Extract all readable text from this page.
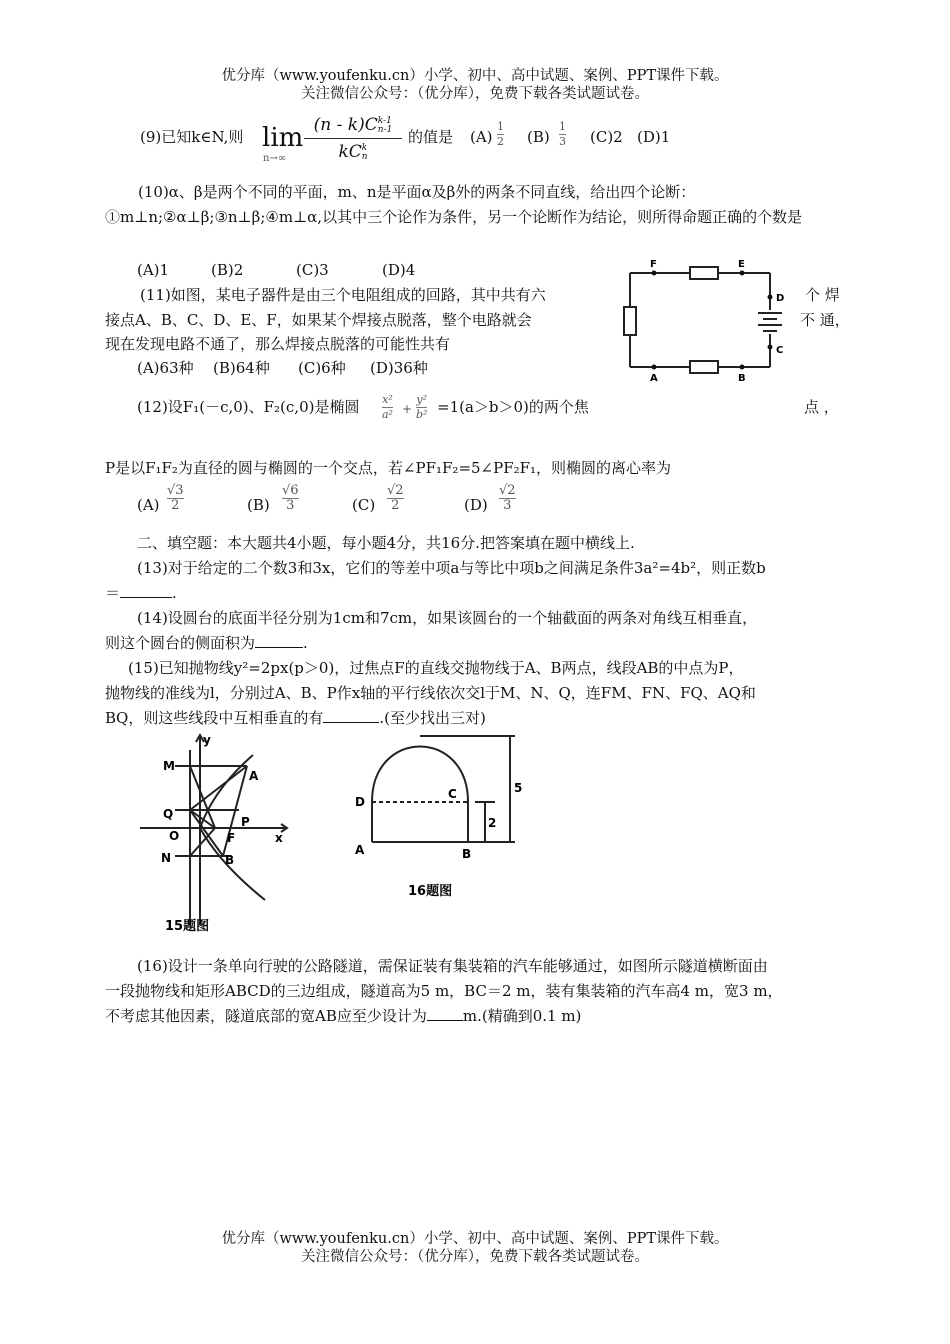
优分库（www.youfenku.cn）小学、初中、高中试题、案例、PPT课件下载。
关注微信公众号：（优分库），免费下载各类试题试卷。
(9)已知k∈N,则 lim
n→∞
(n - k)C k-1
n-1
kC k
n
的值是 (A)
1
2 (B)
1
3 (C)2 (D)1
(10)α、β是两个不同的平面，m、n是平面α及β外的两条不同直线，给出四个论断：①m⊥n;②α⊥β;③n⊥β;④m⊥α,以其中三个论作为条件，另一个论断作为结论，则所得命题正确的个数是
(A)1	(B)2	(C)3	(D)4
(11)如图，某电子器件是由三个电阻组成的回路，其中共有六	个 焊
接点A、B、C、D、E、F，如果某个焊接点脱落，整个电路就会	不 通，
现在发现电路不通了，那么焊接点脱落的可能性共有
(A)63种 (B)64种 (C)6种 (D)36种
F	E
D
C
A	B
(12)设F₁(－c,0)、F₂(c,0)是椭圆 x²
a² +
y²
b² =1(a＞b＞0)的两个焦	点 ，
P是以F₁F₂为直径的圆与椭圆的一个交点，若∠PF₁F₂=5∠PF₂F₁，则椭圆的离心率为
(A)
√3
2	(B)
√6
3	(C)
√2
2	(D)
√2
3
二、填空题：本大题共4小题，每小题4分，共16分.把答案填在题中横线上.
(13)对于给定的二个数3和3x，它们的等差中项a与等比中项b之间满足条件3a²=4b²，则正数b
＝	.
(14)设圆台的底面半径分别为1cm和7cm，如果该圆台的一个轴截面的两条对角线互相垂直，
则这个圆台的侧面积为	.
(15)已知抛物线y²=2px(p＞0)，过焦点F的直线交抛物线于A、B两点，线段AB的中点为P，
抛物线的准线为l，分别过A、B、P作x轴的平行线依次交l于M、N、Q，连FM、FN、FQ、AQ和
BQ，则这些线段中互相垂直的有	.(至少找出三对)
y
M
A
Q
P
O	F	x
N	B
15题图
D
C
A	B
5
2
16题图
(16)设计一条单向行驶的公路隧道，需保证装有集装箱的汽车能够通过，如图所示隧道横断面由
一段抛物线和矩形ABCD的三边组成，隧道高为5 m，BC＝2 m，装有集装箱的汽车高4 m，宽3 m，
不考虑其他因素，隧道底部的宽AB应至少设计为 m.(精确到0.1 m)
优分库（www.youfenku.cn）小学、初中、高中试题、案例、PPT课件下载。
关注微信公众号：（优分库），免费下载各类试题试卷。
